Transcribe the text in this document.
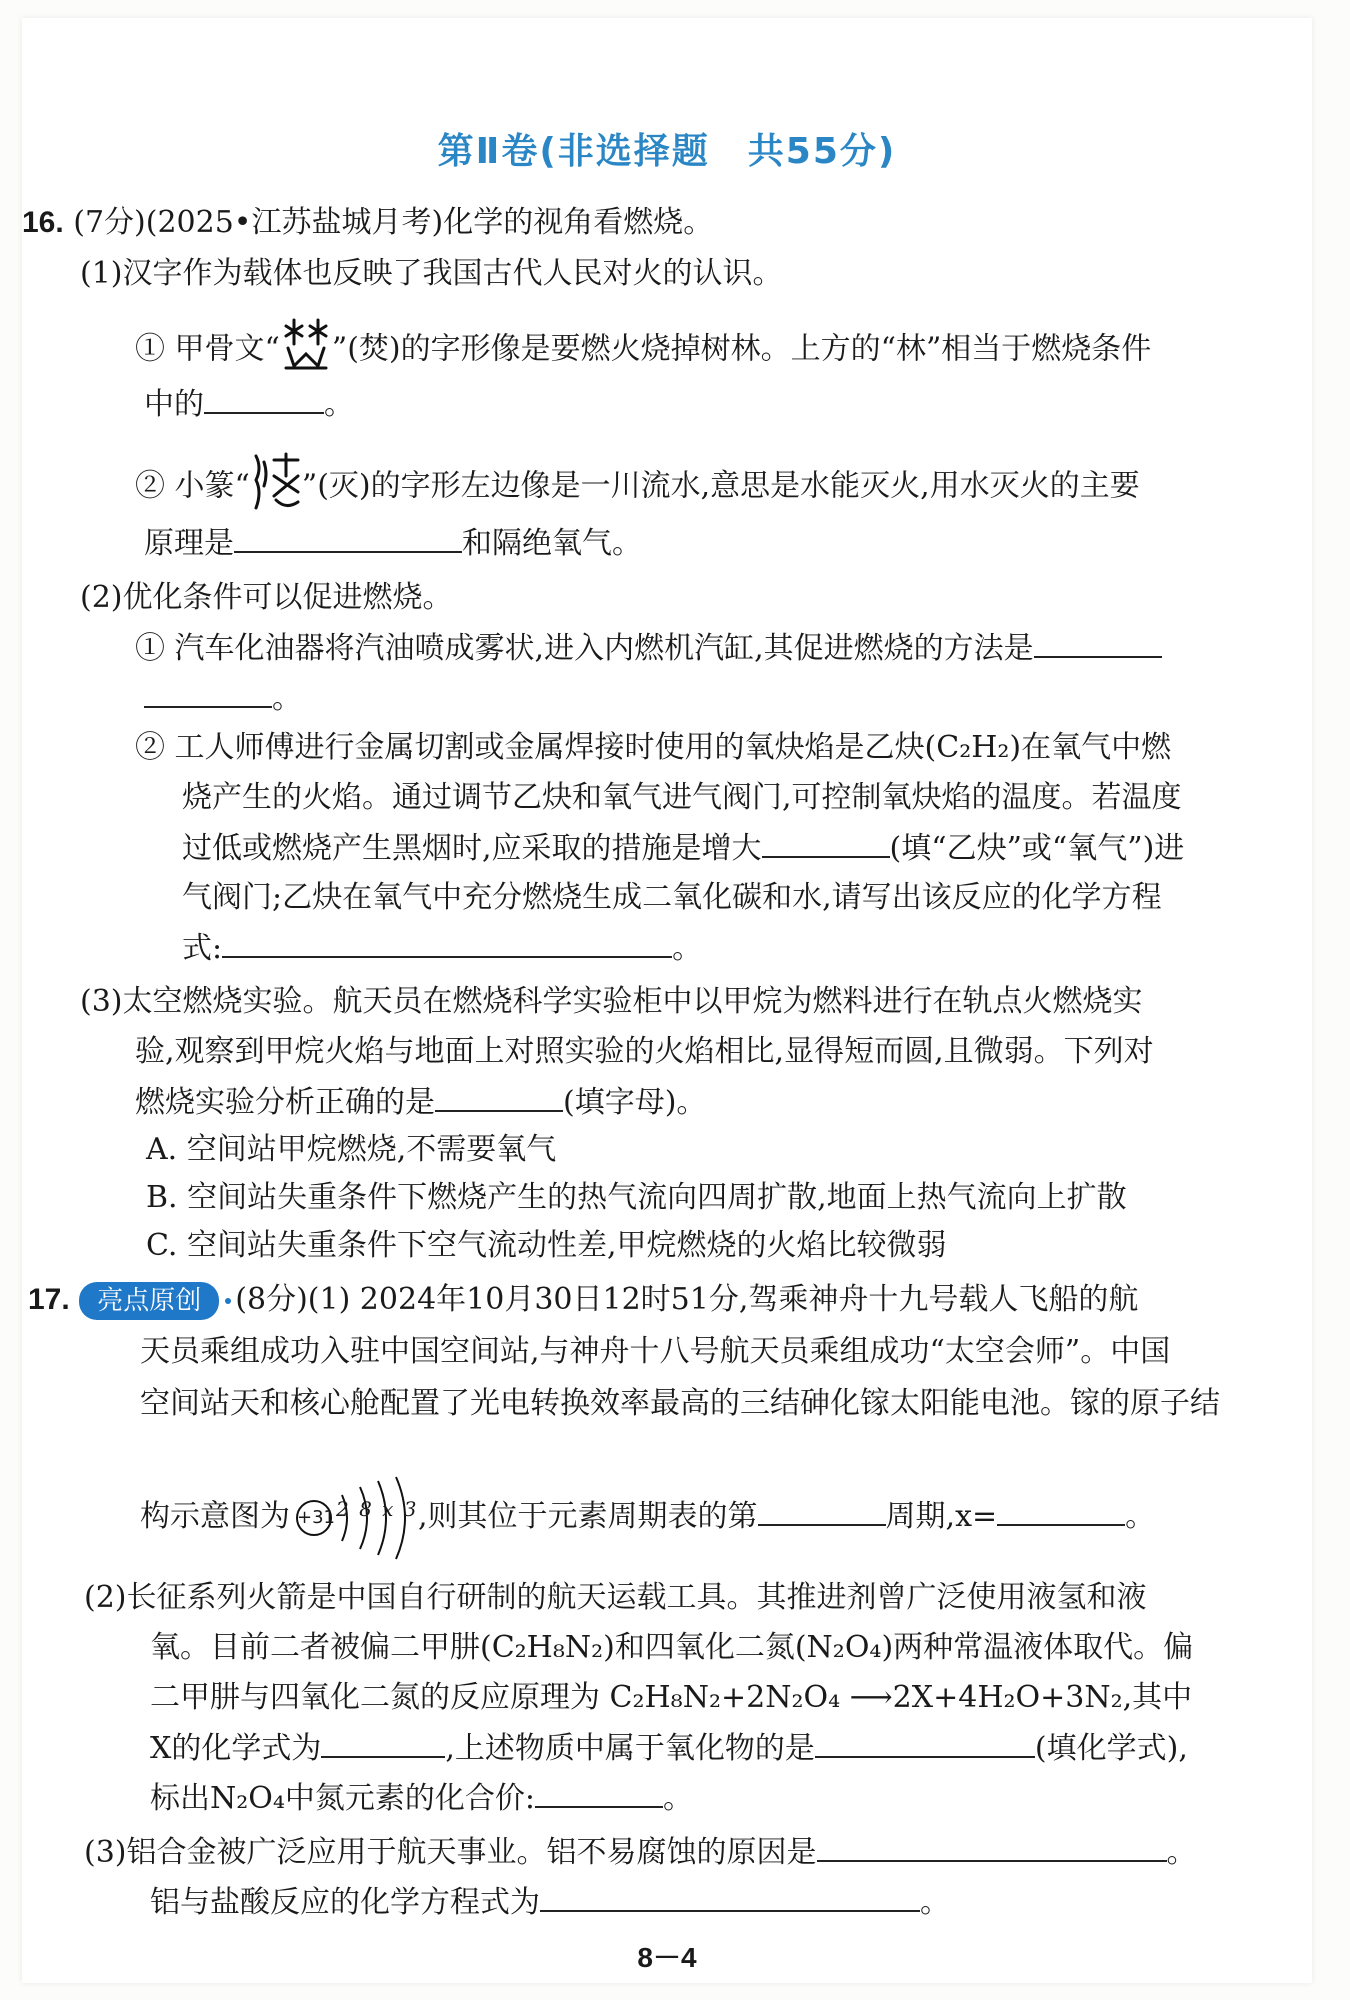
第Ⅱ卷(非选择题　共55分)
16. (7分)(2025•江苏盐城月考)化学的视角看燃烧。
(1)汉字作为载体也反映了我国古代人民对火的认识。
① 甲骨文“ ”(焚)的字形像是要燃火烧掉树林。上方的“林”相当于燃烧条件
中的	。
② 小篆“ ”(灭)的字形左边像是一川流水,意思是水能灭火,用水灭火的主要
原理是	和隔绝氧气。
(2)优化条件可以促进燃烧。
① 汽车化油器将汽油喷成雾状,进入内燃机汽缸,其促进燃烧的方法是
。
② 工人师傅进行金属切割或金属焊接时使用的氧炔焰是乙炔(C₂H₂)在氧气中燃
烧产生的火焰。通过调节乙炔和氧气进气阀门,可控制氧炔焰的温度。若温度
过低或燃烧产生黑烟时,应采取的措施是增大	(填“乙炔”或“氧气”)进
气阀门;乙炔在氧气中充分燃烧生成二氧化碳和水,请写出该反应的化学方程
式:	。
(3)太空燃烧实验。航天员在燃烧科学实验柜中以甲烷为燃料进行在轨点火燃烧实
验,观察到甲烷火焰与地面上对照实验的火焰相比,显得短而圆,且微弱。下列对
燃烧实验分析正确的是	(填字母)。
A. 空间站甲烷燃烧,不需要氧气
B. 空间站失重条件下燃烧产生的热气流向四周扩散,地面上热气流向上扩散
C. 空间站失重条件下空气流动性差,甲烷燃烧的火焰比较微弱
17. 亮点原创 (8分)(1) 2024年10月30日12时51分,驾乘神舟十九号载人飞船的航
天员乘组成功入驻中国空间站,与神舟十八号航天员乘组成功“太空会师”。中国
空间站天和核心舱配置了光电转换效率最高的三结砷化镓太阳能电池。镓的原子结
构示意图为 +31 2 8 x 3 ,则其位于元素周期表的第	周期,x=	。
(2)长征系列火箭是中国自行研制的航天运载工具。其推进剂曾广泛使用液氢和液
氧。目前二者被偏二甲肼(C₂H₈N₂)和四氧化二氮(N₂O₄)两种常温液体取代。偏
二甲肼与四氧化二氮的反应原理为 C₂H₈N₂+2N₂O₄ ⟶2X+4H₂O+3N₂,其中
X的化学式为	,上述物质中属于氧化物的是	(填化学式),
标出N₂O₄中氮元素的化合价:	。
(3)铝合金被广泛应用于航天事业。铝不易腐蚀的原因是	。
铝与盐酸反应的化学方程式为	。
8－4
